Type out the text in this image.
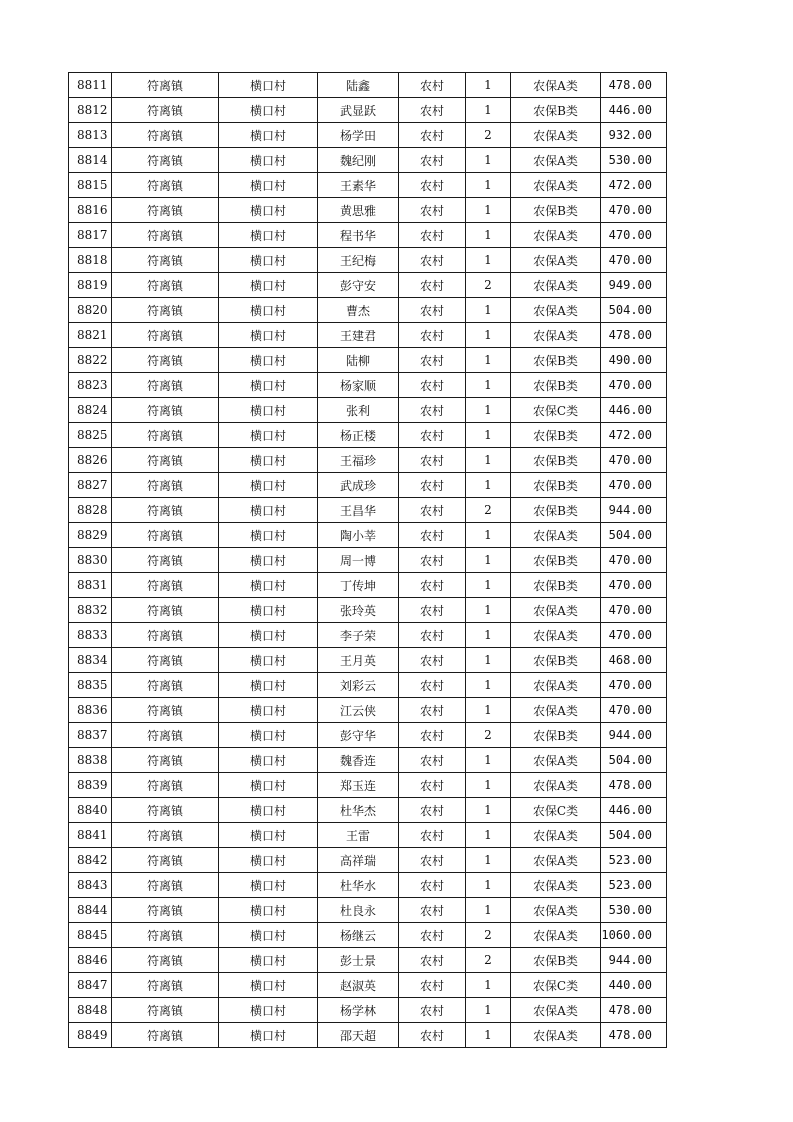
8811	符离镇	横口村	陆鑫	农村	1	农保A类	478.00
8812	符离镇	横口村	武显跃	农村	1	农保B类	446.00
8813	符离镇	横口村	杨学田	农村	2	农保A类	932.00
8814	符离镇	横口村	魏纪刚	农村	1	农保A类	530.00
8815	符离镇	横口村	王素华	农村	1	农保A类	472.00
8816	符离镇	横口村	黄思雅	农村	1	农保B类	470.00
8817	符离镇	横口村	程书华	农村	1	农保A类	470.00
8818	符离镇	横口村	王纪梅	农村	1	农保A类	470.00
8819	符离镇	横口村	彭守安	农村	2	农保A类	949.00
8820	符离镇	横口村	曹杰	农村	1	农保A类	504.00
8821	符离镇	横口村	王建君	农村	1	农保A类	478.00
8822	符离镇	横口村	陆柳	农村	1	农保B类	490.00
8823	符离镇	横口村	杨家顺	农村	1	农保B类	470.00
8824	符离镇	横口村	张利	农村	1	农保C类	446.00
8825	符离镇	横口村	杨正楼	农村	1	农保B类	472.00
8826	符离镇	横口村	王福珍	农村	1	农保B类	470.00
8827	符离镇	横口村	武成珍	农村	1	农保B类	470.00
8828	符离镇	横口村	王昌华	农村	2	农保B类	944.00
8829	符离镇	横口村	陶小莘	农村	1	农保A类	504.00
8830	符离镇	横口村	周一博	农村	1	农保B类	470.00
8831	符离镇	横口村	丁传坤	农村	1	农保B类	470.00
8832	符离镇	横口村	张玲英	农村	1	农保A类	470.00
8833	符离镇	横口村	李子荣	农村	1	农保A类	470.00
8834	符离镇	横口村	王月英	农村	1	农保B类	468.00
8835	符离镇	横口村	刘彩云	农村	1	农保A类	470.00
8836	符离镇	横口村	江云侠	农村	1	农保A类	470.00
8837	符离镇	横口村	彭守华	农村	2	农保B类	944.00
8838	符离镇	横口村	魏香连	农村	1	农保A类	504.00
8839	符离镇	横口村	郑玉连	农村	1	农保A类	478.00
8840	符离镇	横口村	杜华杰	农村	1	农保C类	446.00
8841	符离镇	横口村	王雷	农村	1	农保A类	504.00
8842	符离镇	横口村	高祥瑞	农村	1	农保A类	523.00
8843	符离镇	横口村	杜华水	农村	1	农保A类	523.00
8844	符离镇	横口村	杜良永	农村	1	农保A类	530.00
8845	符离镇	横口村	杨继云	农村	2	农保A类	1060.00
8846	符离镇	横口村	彭士景	农村	2	农保B类	944.00
8847	符离镇	横口村	赵淑英	农村	1	农保C类	440.00
8848	符离镇	横口村	杨学林	农村	1	农保A类	478.00
8849	符离镇	横口村	邵天超	农村	1	农保A类	478.00
